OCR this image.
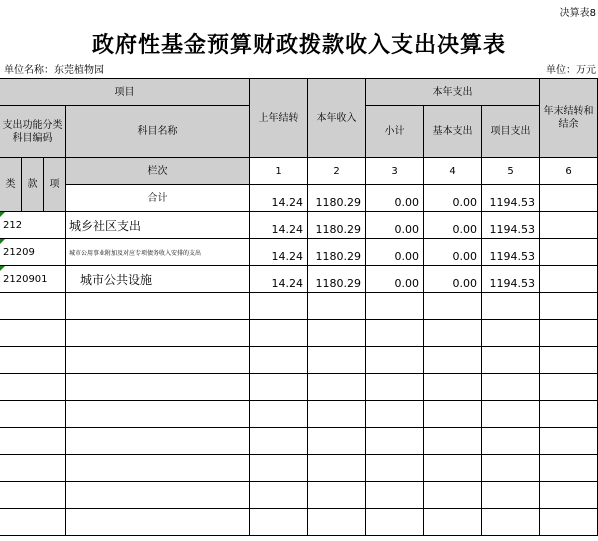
决算表8
政府性基金预算财政拨款收入支出决算表
单位名称：东莞植物园	单位：万元
项目
支出功能分类科目编码
科目名称
上年结转	本年收入
本年支出
小计	基本支出	项目支出
年末结转和结余
类	款	项
栏次	1	2	3	4	5	6
合计	14.24	1180.29	0.00	0.00	1194.53
212	城乡社区支出	14.24	1180.29	0.00	0.00	1194.53
21209	城市公用事业附加及对应专项债务收入安排的支出	14.24	1180.29	0.00	0.00	1194.53
2120901	城市公共设施	14.24	1180.29	0.00	0.00	1194.53
